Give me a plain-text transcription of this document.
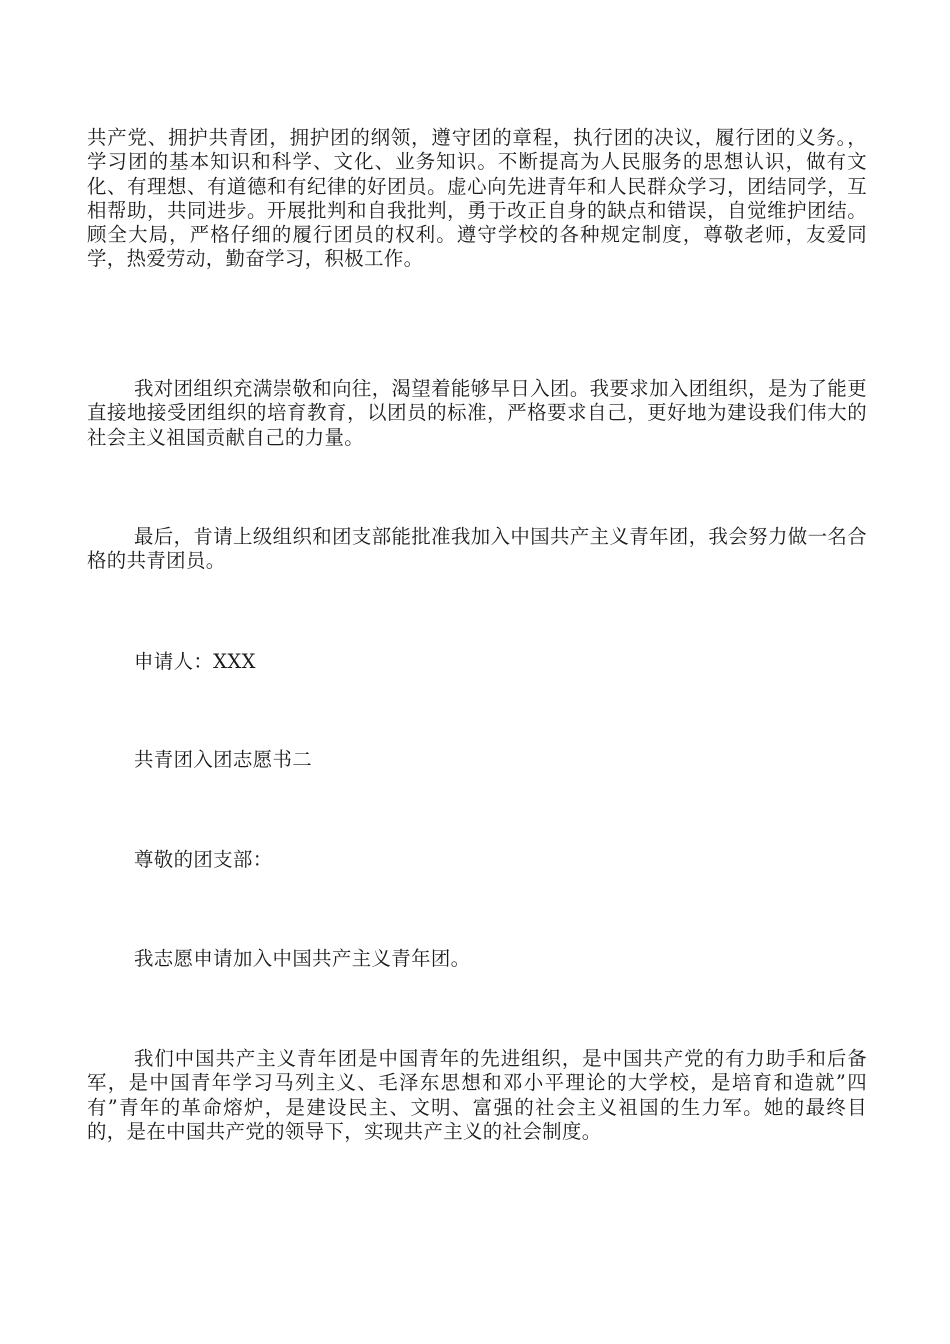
共产党、拥护共青团，拥护团的纲领，遵守团的章程，执行团的决议，履行团的义务。，学习团的基本知识和科学、文化、业务知识。不断提高为人民服务的思想认识，做有文化、有理想、有道德和有纪律的好团员。虚心向先进青年和人民群众学习，团结同学，互相帮助，共同进步。开展批判和自我批判，勇于改正自身的缺点和错误，自觉维护团结。顾全大局，严格仔细的履行团员的权利。遵守学校的各种规定制度，尊敬老师，友爱同学，热爱劳动，勤奋学习，积极工作。

我对团组织充满崇敬和向往，渴望着能够早日入团。我要求加入团组织，是为了能更直接地接受团组织的培育教育，以团员的标准，严格要求自己，更好地为建设我们伟大的社会主义祖国贡献自己的力量。

最后，肯请上级组织和团支部能批准我加入中国共产主义青年团，我会努力做一名合格的共青团员。

申请人：XXX

共青团入团志愿书二

尊敬的团支部：

我志愿申请加入中国共产主义青年团。

我们中国共产主义青年团是中国青年的先进组织，是中国共产党的有力助手和后备军，是中国青年学习马列主义、毛泽东思想和邓小平理论的大学校，是培育和造就”四有”青年的革命熔炉，是建设民主、文明、富强的社会主义祖国的生力军。她的最终目的，是在中国共产党的领导下，实现共产主义的社会制度。
